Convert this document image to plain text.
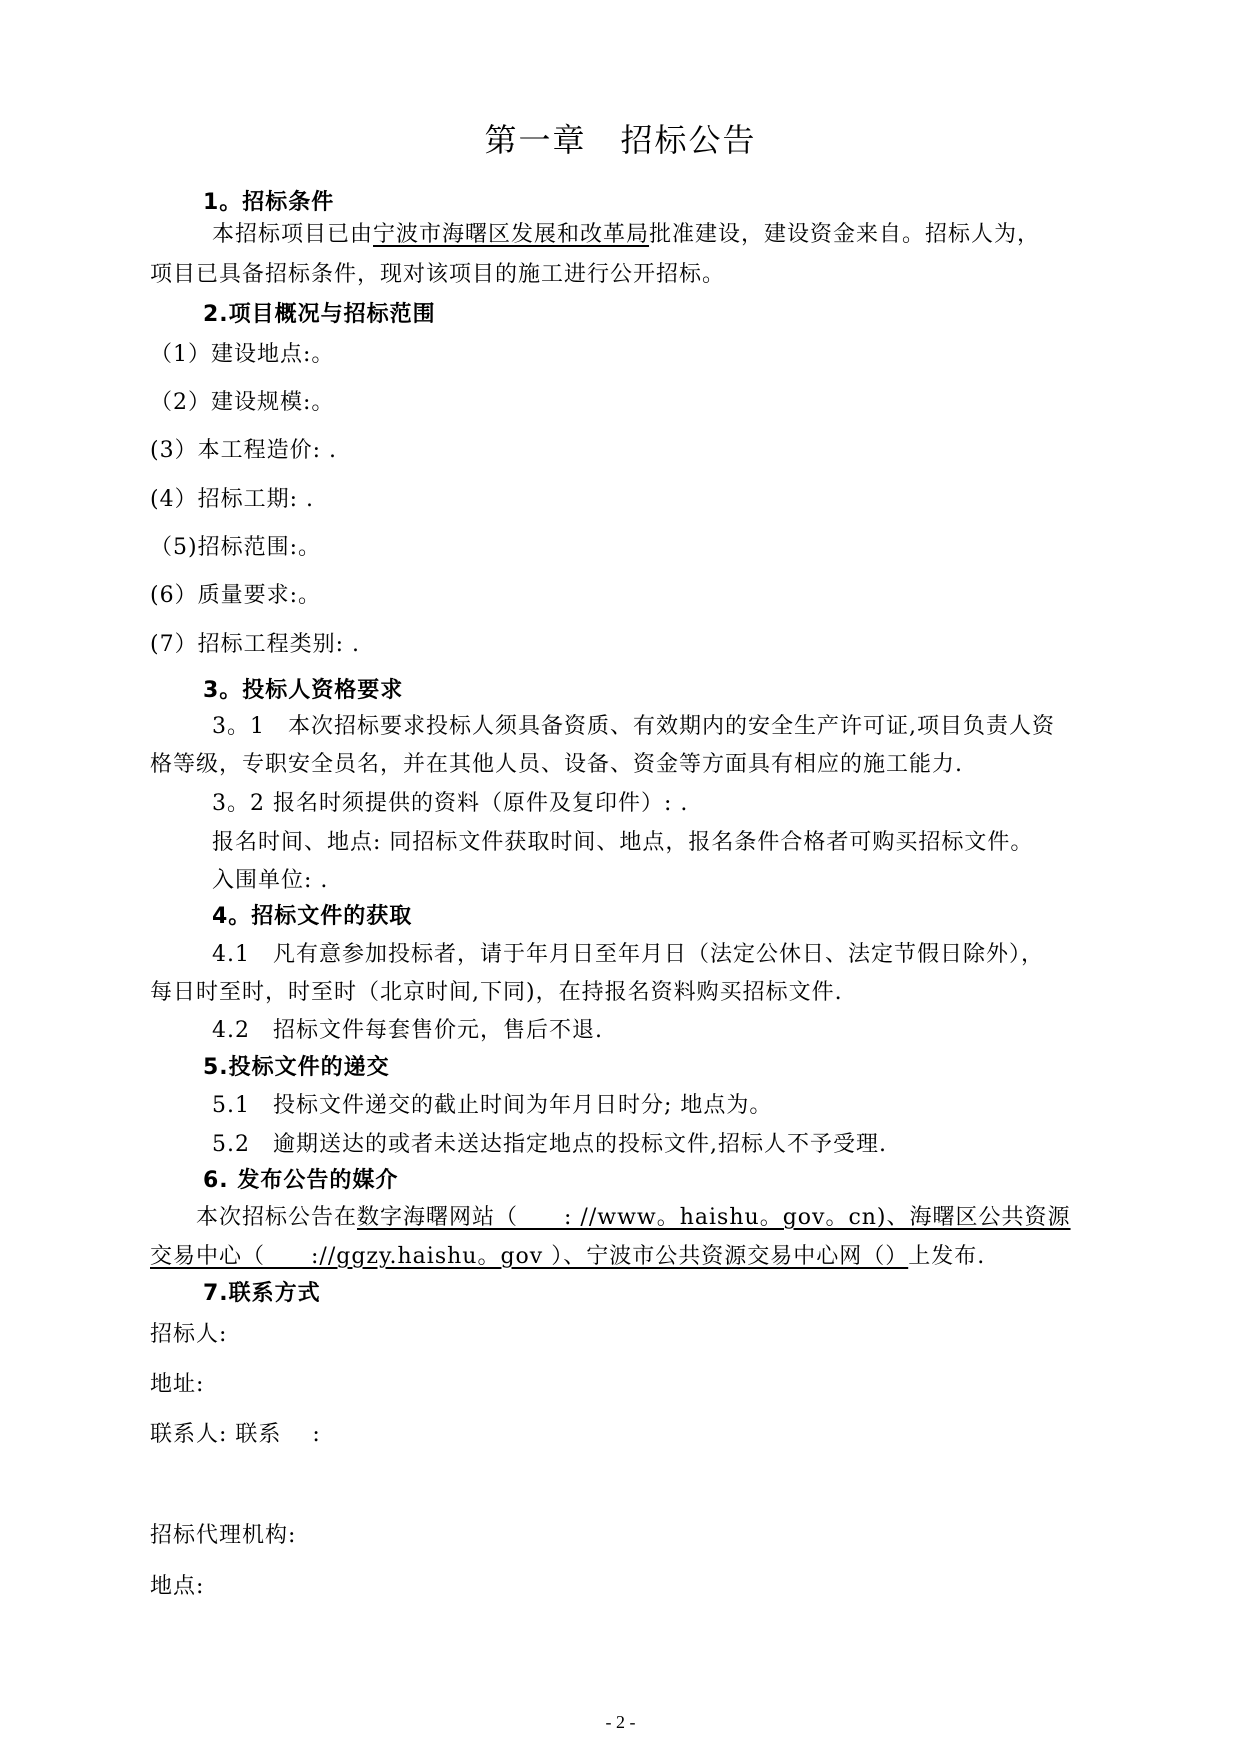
第一章　招标公告
1。招标条件
本招标项目已由宁波市海曙区发展和改革局批准建设，建设资金来自。招标人为，
项目已具备招标条件，现对该项目的施工进行公开招标。
2.项目概况与招标范围
（1）建设地点:。
（2）建设规模:。
(3）本工程造价: .
(4）招标工期: .
（5)招标范围:。
(6）质量要求:。
(7）招标工程类别: .
3。投标人资格要求
3。1　本次招标要求投标人须具备资质、有效期内的安全生产许可证,项目负责人资
格等级，专职安全员名，并在其他人员、设备、资金等方面具有相应的施工能力.
3。2 报名时须提供的资料（原件及复印件）: .
报名时间、地点: 同招标文件获取时间、地点，报名条件合格者可购买招标文件。
入围单位: .
4。招标文件的获取
4.1　凡有意参加投标者，请于年月日至年月日（法定公休日、法定节假日除外），
每日时至时，时至时（北京时间,下同)，在持报名资料购买招标文件.
4.2　招标文件每套售价元，售后不退.
5.投标文件的递交
5.1　投标文件递交的截止时间为年月日时分; 地点为。
5.2　逾期送达的或者未送达指定地点的投标文件,招标人不予受理.
6. 发布公告的媒介
本次招标公告在数字海曙网站（　　: //www。haishu。gov。cn)、海曙区公共资源
交易中心（　　://ggzy.haishu。gov ）、宁波市公共资源交易中心网（）上发布.
7.联系方式
招标人:
地址:
联系人: 联系　 :
招标代理机构:
地点:
- 2 -
